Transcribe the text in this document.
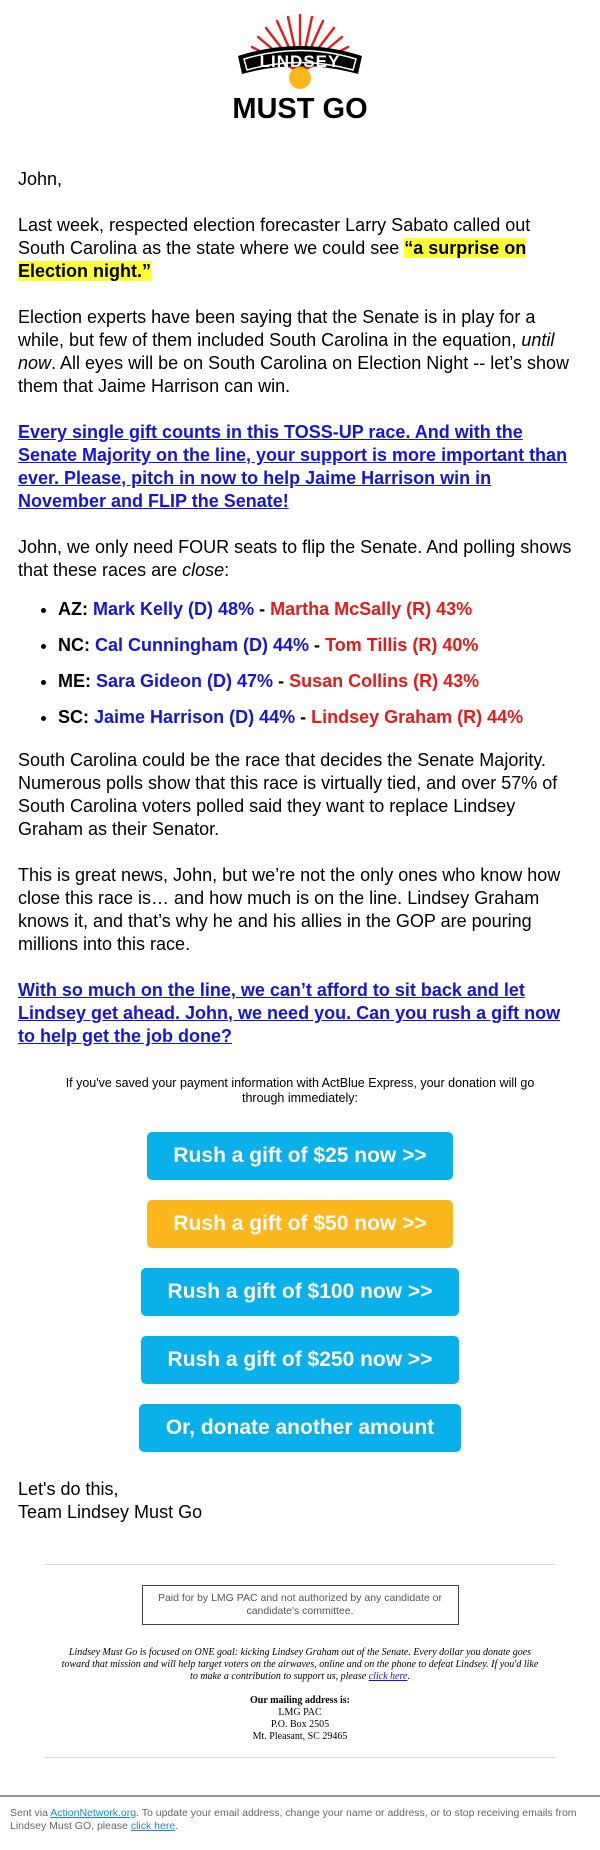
LINDSEY
MUST GO

John,

Last week, respected election forecaster Larry Sabato called out South Carolina as the state where we could see “a surprise on Election night.”

Election experts have been saying that the Senate is in play for a while, but few of them included South Carolina in the equation, until now. All eyes will be on South Carolina on Election Night -- let’s show them that Jaime Harrison can win.

Every single gift counts in this TOSS-UP race. And with the Senate Majority on the line, your support is more important than ever. Please, pitch in now to help Jaime Harrison win in November and FLIP the Senate!

John, we only need FOUR seats to flip the Senate. And polling shows that these races are close:

• AZ: Mark Kelly (D) 48% - Martha McSally (R) 43%
• NC: Cal Cunningham (D) 44% - Tom Tillis (R) 40%
• ME: Sara Gideon (D) 47% - Susan Collins (R) 43%
• SC: Jaime Harrison (D) 44% - Lindsey Graham (R) 44%

South Carolina could be the race that decides the Senate Majority. Numerous polls show that this race is virtually tied, and over 57% of South Carolina voters polled said they want to replace Lindsey Graham as their Senator.

This is great news, John, but we’re not the only ones who know how close this race is… and how much is on the line. Lindsey Graham knows it, and that’s why he and his allies in the GOP are pouring millions into this race.

With so much on the line, we can’t afford to sit back and let Lindsey get ahead. John, we need you. Can you rush a gift now to help get the job done?

If you've saved your payment information with ActBlue Express, your donation will go through immediately:
Rush a gift of $25 now >>
Rush a gift of $50 now >>
Rush a gift of $100 now >>
Rush a gift of $250 now >>
Or, donate another amount

Let's do this,

Team Lindsey Must Go

Paid for by LMG PAC and not authorized by any candidate or candidate's committee.
Lindsey Must Go is focused on ONE goal: kicking Lindsey Graham out of the Senate. Every dollar you donate goes toward that mission and will help target voters on the airwaves, online and on the phone to defeat Lindsey. If you'd like to make a contribution to support us, please click here.
Our mailing address is:
LMG PAC
P.O. Box 2505
Mt. Pleasant, SC 29465
Sent via ActionNetwork.org. To update your email address, change your name or address, or to stop receiving emails from Lindsey Must GO, please click here.
